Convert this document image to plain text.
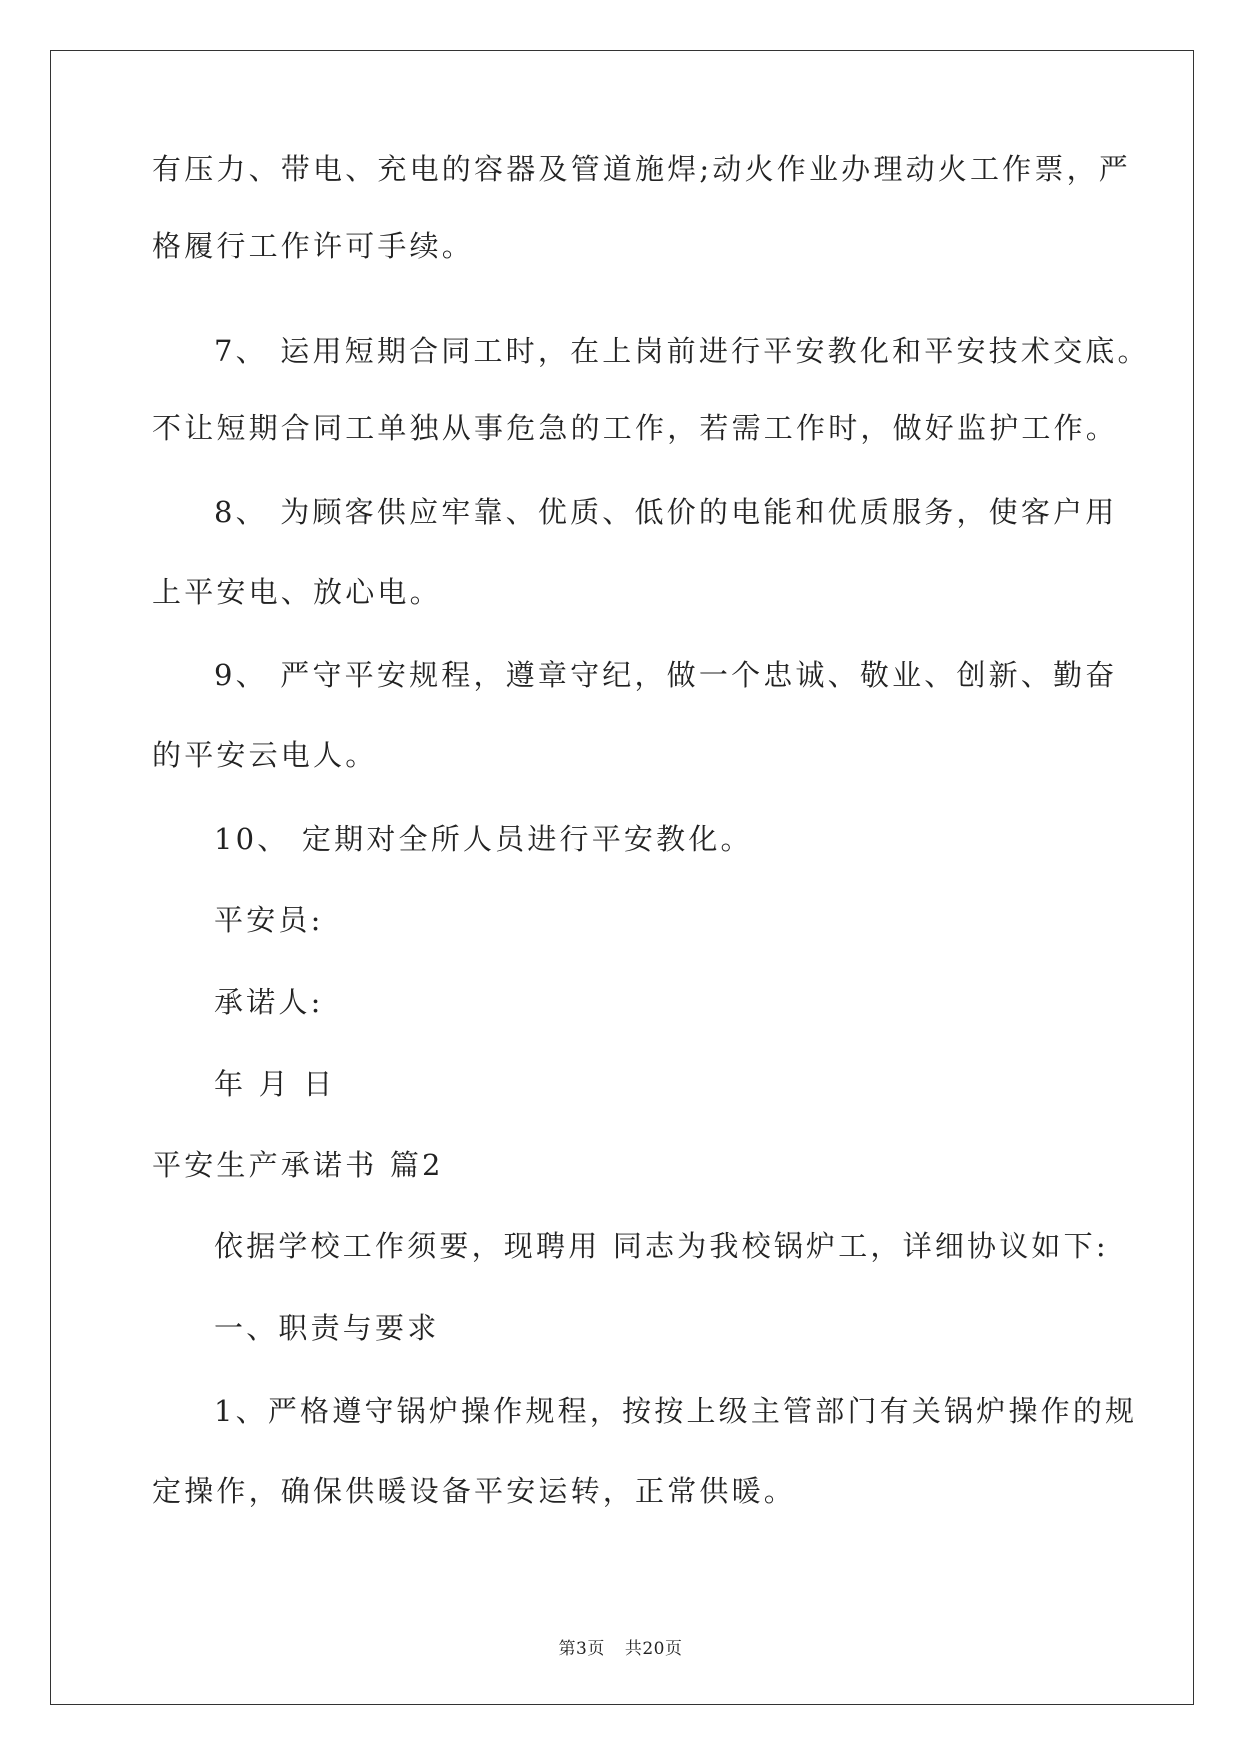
有压力、带电、充电的容器及管道施焊;动火作业办理动火工作票，严
格履行工作许可手续。
7、 运用短期合同工时，在上岗前进行平安教化和平安技术交底。
不让短期合同工单独从事危急的工作，若需工作时，做好监护工作。
8、 为顾客供应牢靠、优质、低价的电能和优质服务，使客户用
上平安电、放心电。
9、 严守平安规程，遵章守纪，做一个忠诚、敬业、创新、勤奋
的平安云电人。
10、 定期对全所人员进行平安教化。
平安员:
承诺人:
年 月 日
平安生产承诺书 篇2
依据学校工作须要，现聘用 同志为我校锅炉工，详细协议如下:
一、职责与要求
1、严格遵守锅炉操作规程，按按上级主管部门有关锅炉操作的规
定操作，确保供暖设备平安运转，正常供暖。
第3页 共20页
